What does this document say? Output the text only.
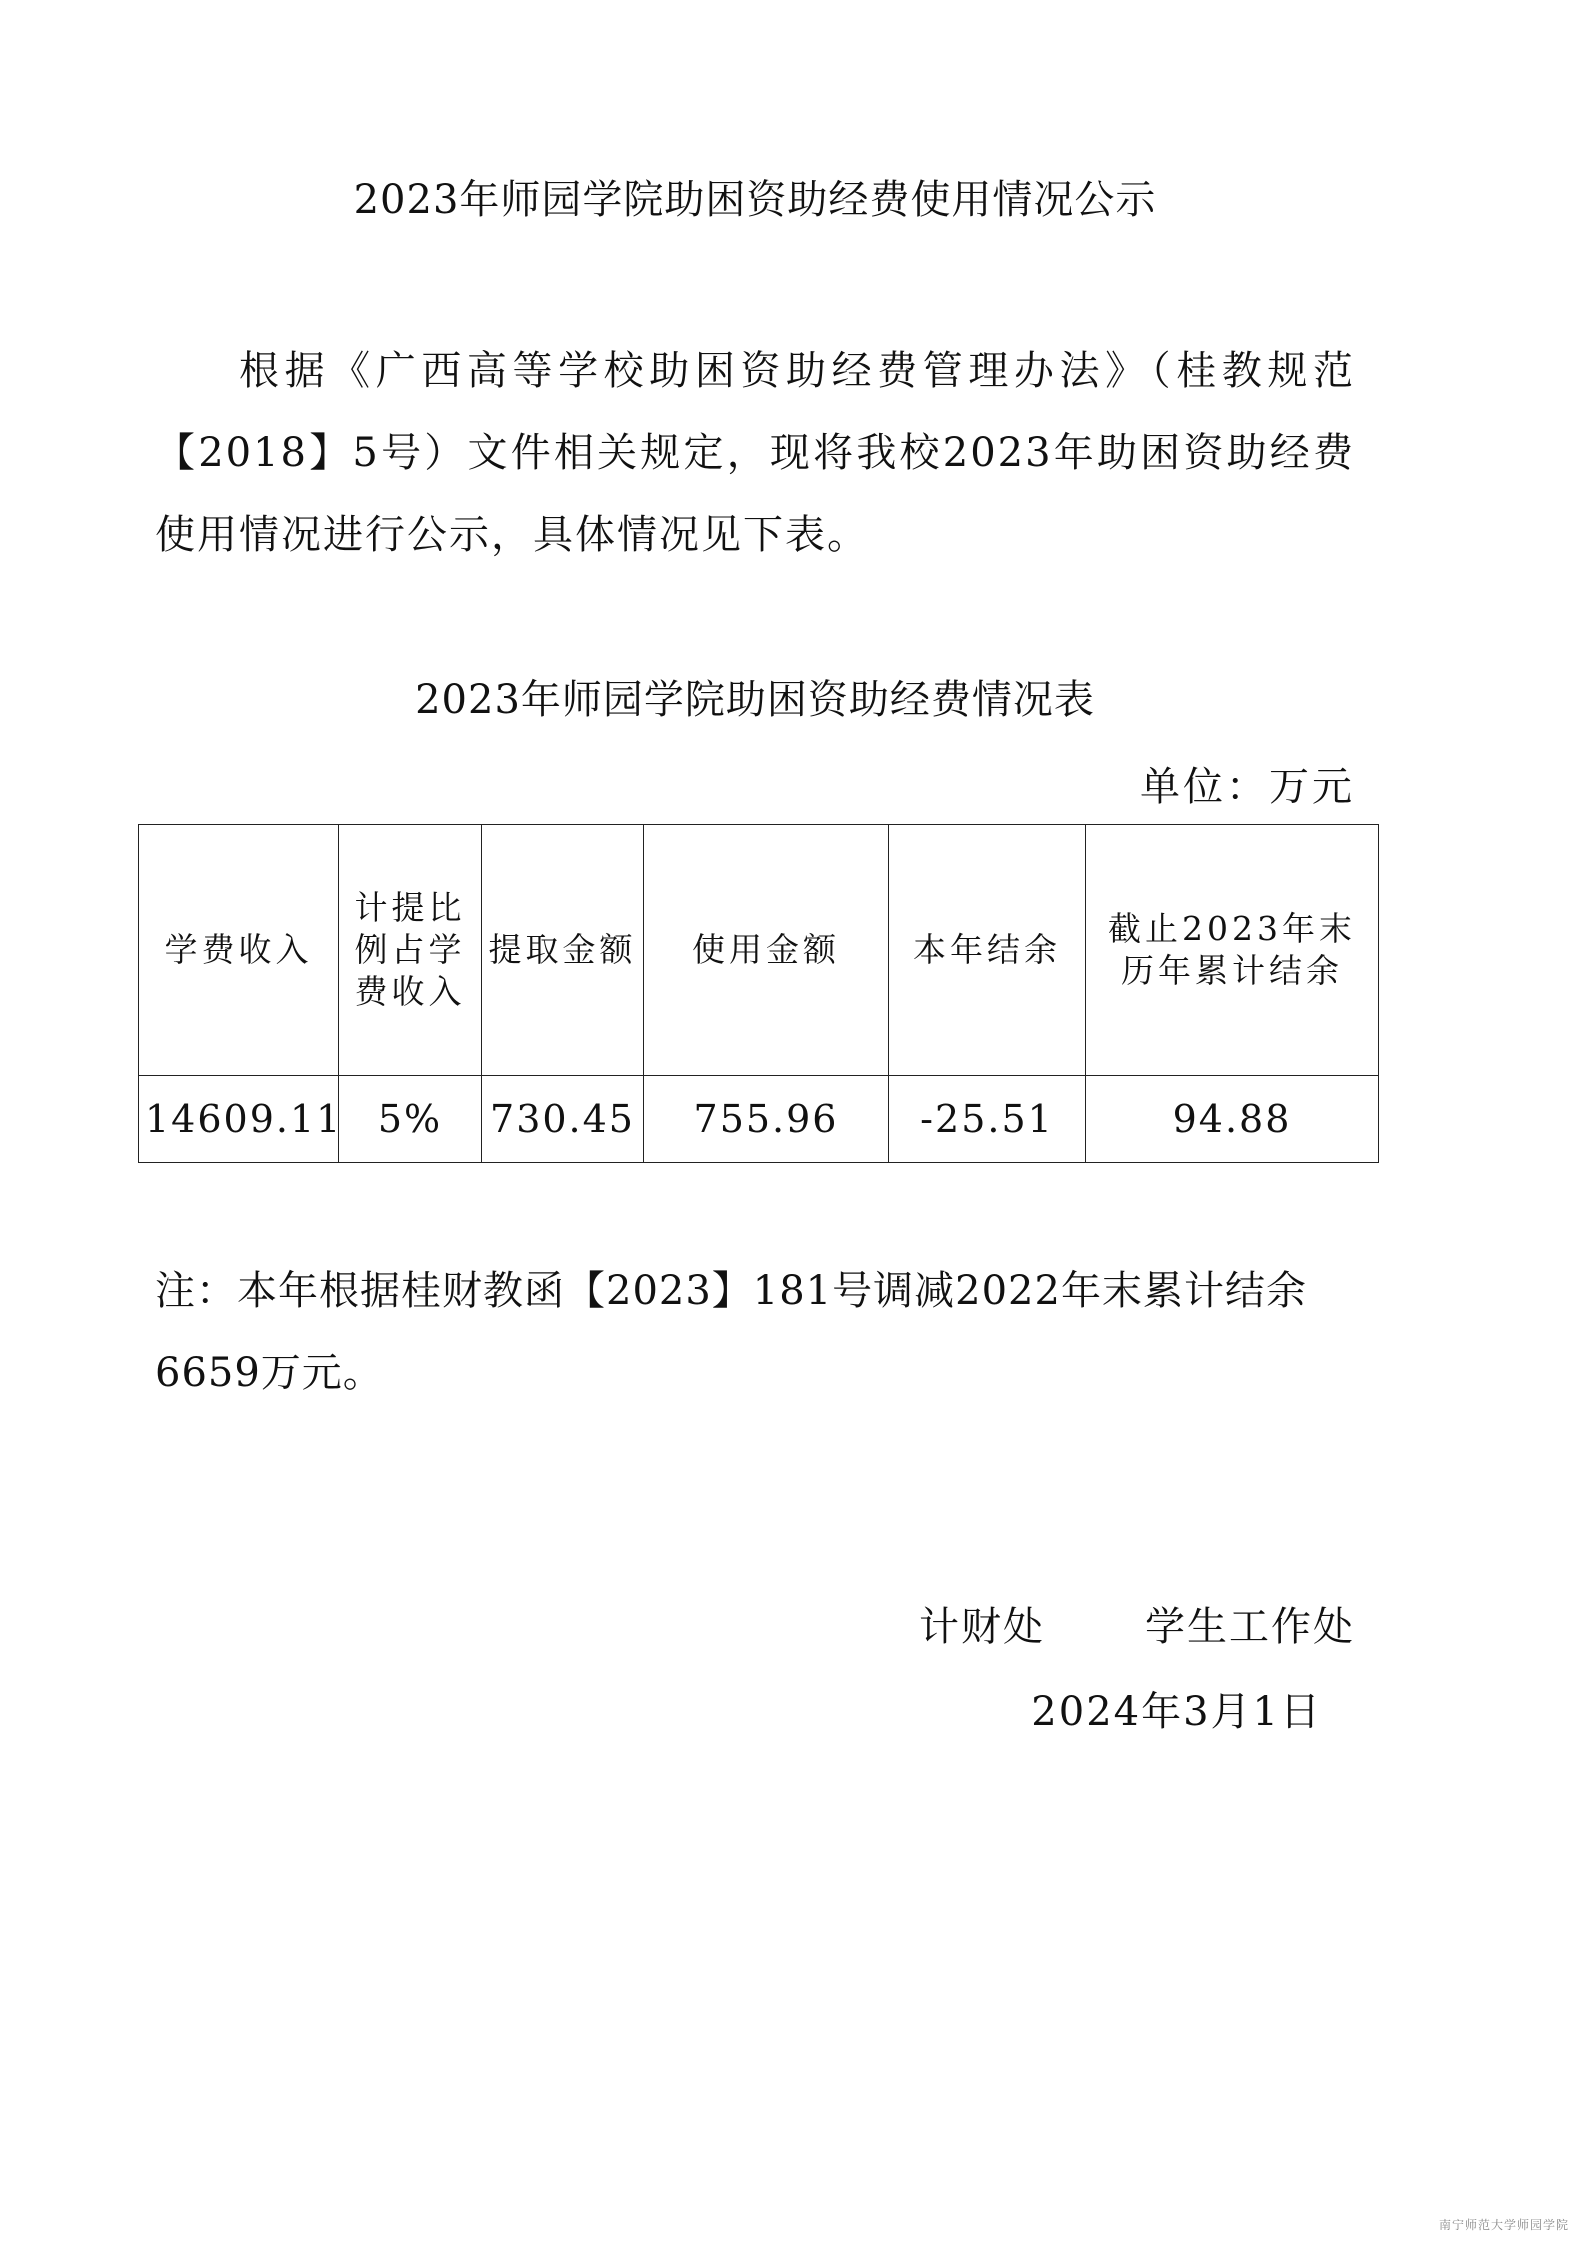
2023年师园学院助困资助经费使用情况公示
根据《广西高等学校助困资助经费管理办法》（桂教规范【2018】5号）文件相关规定，现将我校2023年助困资助经费使用情况进行公示，具体情况见下表。
2023年师园学院助困资助经费情况表
单位：万元
学费收入	计提比例占学费收入	提取金额	使用金额	本年结余	截止2023年末历年累计结余
14609.11	5%	730.45	755.96	-25.51	94.88
注：本年根据桂财教函【2023】181号调减2022年末累计结余6659万元。
计财处	学生工作处
2024年3月1日
南宁师范大学师园学院
